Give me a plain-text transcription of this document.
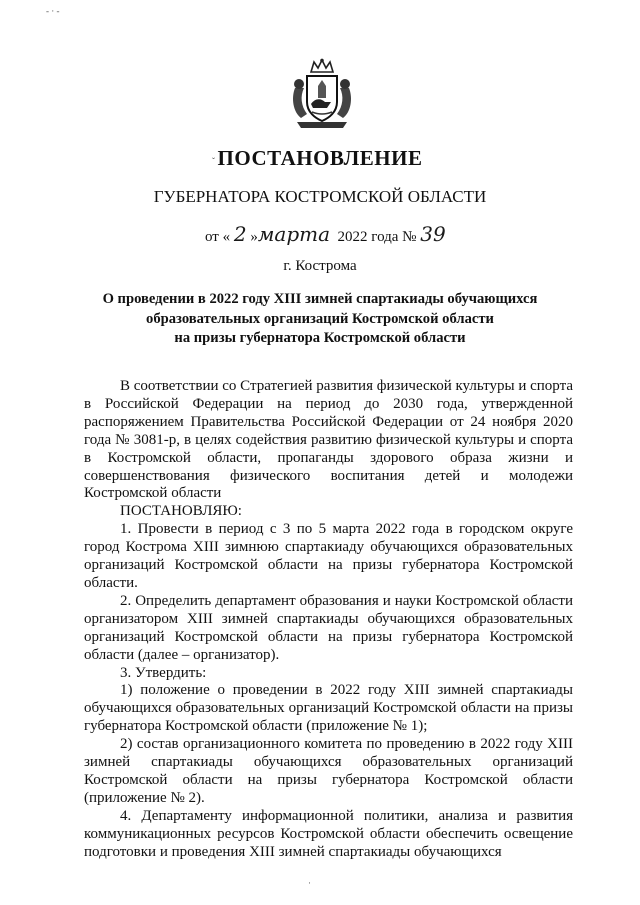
ПОСТАНОВЛЕНИЕ
ГУБЕРНАТОРА КОСТРОМСКОЙ ОБЛАСТИ
от « 2 »марта 2022 года № 39
г. Кострома
О проведении в 2022 году XIII зимней спартакиады обучающихся
образовательных организаций Костромской области
на призы губернатора Костромской области

В соответствии со Стратегией развития физической культуры и спорта в Российской Федерации на период до 2030 года, утвержденной распоряжением Правительства Российской Федерации от 24 ноября 2020 года № 3081-р, в целях содействия развитию физической культуры и спорта в Костромской области, пропаганды здорового образа жизни и совершенствования физического воспитания детей и молодежи Костромской области

ПОСТАНОВЛЯЮ:

1. Провести в период с 3 по 5 марта 2022 года в городском округе город Кострома XIII зимнюю спартакиаду обучающихся образовательных организаций Костромской области на призы губернатора Костромской области.

2. Определить департамент образования и науки Костромской области организатором XIII зимней спартакиады обучающихся образовательных организаций Костромской области на призы губернатора Костромской области (далее – организатор).

3. Утвердить:

1) положение о проведении в 2022 году XIII зимней спартакиады обучающихся образовательных организаций Костромской области на призы губернатора Костромской области (приложение № 1);

2) состав организационного комитета по проведению в 2022 году XIII зимней спартакиады обучающихся образовательных организаций Костромской области на призы губернатора Костромской области (приложение № 2).

4. Департаменту информационной политики, анализа и развития коммуникационных ресурсов Костромской области обеспечить освещение подготовки и проведения XIII зимней спартакиады обучающихся

- · -
ˇ
·
